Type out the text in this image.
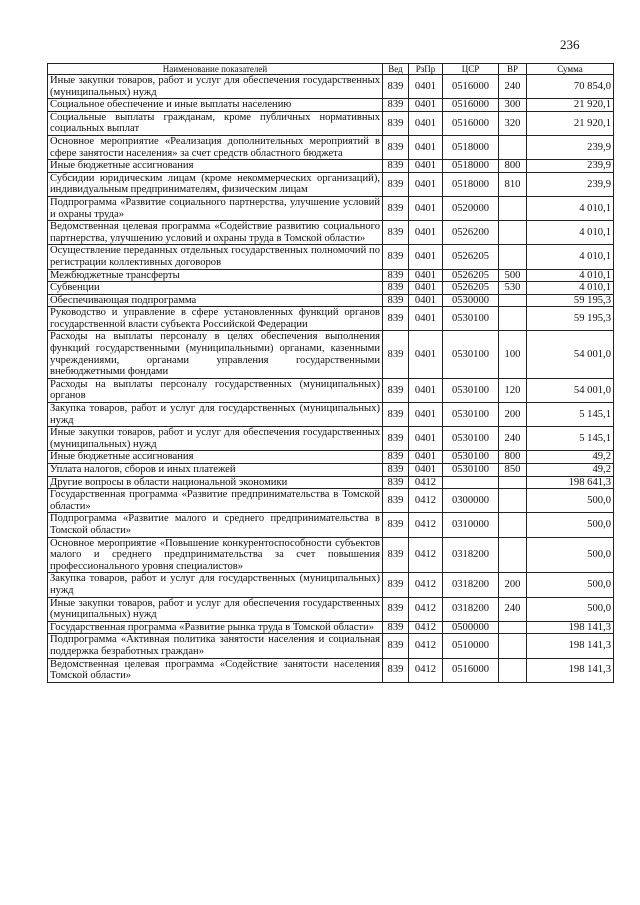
236
Наименование показателей	Вед	РзПр	ЦСР	ВР	Сумма
Иные закупки товаров, работ и услуг для обеспечения государственных (муниципальных) нужд	839	0401	0516000	240	70 854,0
Социальное обеспечение и иные выплаты населению	839	0401	0516000	300	21 920,1
Социальные выплаты гражданам, кроме публичных нормативных социальных выплат	839	0401	0516000	320	21 920,1
Основное мероприятие «Реализация дополнительных мероприятий в сфере занятости населения» за счет средств областного бюджета	839	0401	0518000		239,9
Иные бюджетные ассигнования	839	0401	0518000	800	239,9
Субсидии юридическим лицам (кроме некоммерческих организаций), индивидуальным предпринимателям, физическим лицам	839	0401	0518000	810	239,9
Подпрограмма «Развитие социального партнерства, улучшение условий и охраны труда»	839	0401	0520000		4 010,1
Ведомственная целевая программа «Содействие развитию социального партнерства, улучшению условий и охраны труда в Томской области»	839	0401	0526200		4 010,1
Осуществление переданных отдельных государственных полномочий по регистрации коллективных договоров	839	0401	0526205		4 010,1
Межбюджетные трансферты	839	0401	0526205	500	4 010,1
Субвенции	839	0401	0526205	530	4 010,1
Обеспечивающая подпрограмма	839	0401	0530000		59 195,3
Руководство и управление в сфере установленных функций органов государственной власти субъекта Российской Федерации	839	0401	0530100		59 195,3
Расходы на выплаты персоналу в целях обеспечения выполнения функций государственными (муниципальными) органами, казенными учреждениями, органами управления государственными внебюджетными фондами	839	0401	0530100	100	54 001,0
Расходы на выплаты персоналу государственных (муниципальных) органов	839	0401	0530100	120	54 001,0
Закупка товаров, работ и услуг для государственных (муниципальных) нужд	839	0401	0530100	200	5 145,1
Иные закупки товаров, работ и услуг для обеспечения государственных (муниципальных) нужд	839	0401	0530100	240	5 145,1
Иные бюджетные ассигнования	839	0401	0530100	800	49,2
Уплата налогов, сборов и иных платежей	839	0401	0530100	850	49,2
Другие вопросы в области национальной экономики	839	0412			198 641,3
Государственная программа «Развитие предпринимательства в Томской области»	839	0412	0300000		500,0
Подпрограмма «Развитие малого и среднего предпринимательства в Томской области»	839	0412	0310000		500,0
Основное мероприятие «Повышение конкурентоспособности субъектов малого и среднего предпринимательства за счет повышения профессионального уровня специалистов»	839	0412	0318200		500,0
Закупка товаров, работ и услуг для государственных (муниципальных) нужд	839	0412	0318200	200	500,0
Иные закупки товаров, работ и услуг для обеспечения государственных (муниципальных) нужд	839	0412	0318200	240	500,0
Государственная программа «Развитие рынка труда в Томской области»	839	0412	0500000		198 141,3
Подпрограмма «Активная политика занятости населения и социальная поддержка безработных граждан»	839	0412	0510000		198 141,3
Ведомственная целевая программа «Содействие занятости населения Томской области»	839	0412	0516000		198 141,3
